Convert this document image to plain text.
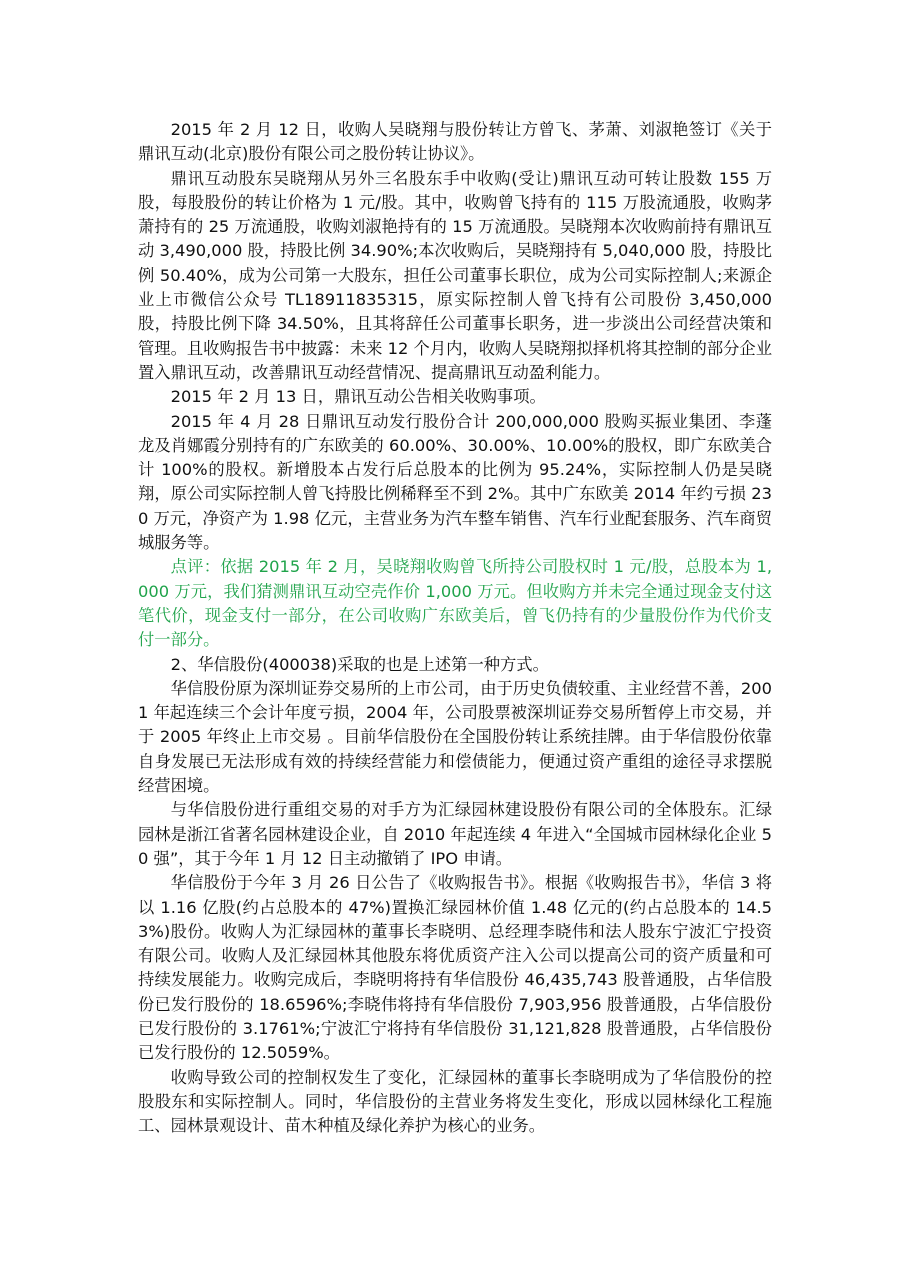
2015 年 2 月 12 日，收购人吴晓翔与股份转让方曾飞、茅萧、刘淑艳签订《关于鼎讯互动(北京)股份有限公司之股份转让协议》。

鼎讯互动股东吴晓翔从另外三名股东手中收购(受让)鼎讯互动可转让股数 155 万股，每股股份的转让价格为 1 元/股。其中，收购曾飞持有的 115 万股流通股，收购茅萧持有的 25 万流通股，收购刘淑艳持有的 15 万流通股。吴晓翔本次收购前持有鼎讯互动 3,490,000 股，持股比例 34.90%;本次收购后，吴晓翔持有 5,040,000 股，持股比例 50.40%，成为公司第一大股东，担任公司董事长职位，成为公司实际控制人;来源企业上市微信公众号 TL18911835315，原实际控制人曾飞持有公司股份 3,450,000 股，持股比例下降 34.50%，且其将辞任公司董事长职务，进一步淡出公司经营决策和管理。且收购报告书中披露：未来 12 个月内，收购人吴晓翔拟择机将其控制的部分企业置入鼎讯互动，改善鼎讯互动经营情况、提高鼎讯互动盈利能力。

2015 年 2 月 13 日，鼎讯互动公告相关收购事项。

2015 年 4 月 28 日鼎讯互动发行股份合计 200,000,000 股购买振业集团、李蓬龙及肖娜霞分别持有的广东欧美的 60.00%、30.00%、10.00%的股权，即广东欧美合计 100%的股权。新增股本占发行后总股本的比例为 95.24%，实际控制人仍是吴晓翔，原公司实际控制人曾飞持股比例稀释至不到 2%。其中广东欧美 2014 年约亏损 230 万元，净资产为 1.98 亿元，主营业务为汽车整车销售、汽车行业配套服务、汽车商贸城服务等。

点评：依据 2015 年 2 月，吴晓翔收购曾飞所持公司股权时 1 元/股，总股本为 1,000 万元，我们猜测鼎讯互动空壳作价 1,000 万元。但收购方并未完全通过现金支付这笔代价，现金支付一部分，在公司收购广东欧美后，曾飞仍持有的少量股份作为代价支付一部分。

2、华信股份(400038)采取的也是上述第一种方式。

华信股份原为深圳证券交易所的上市公司，由于历史负债较重、主业经营不善，2001 年起连续三个会计年度亏损，2004 年，公司股票被深圳证券交易所暂停上市交易，并于 2005 年终止上市交易 。目前华信股份在全国股份转让系统挂牌。由于华信股份依靠自身发展已无法形成有效的持续经营能力和偿债能力，便通过资产重组的途径寻求摆脱经营困境。

与华信股份进行重组交易的对手方为汇绿园林建设股份有限公司的全体股东。汇绿园林是浙江省著名园林建设企业，自 2010 年起连续 4 年进入“全国城市园林绿化企业 50 强”，其于今年 1 月 12 日主动撤销了 IPO 申请。

华信股份于今年 3 月 26 日公告了《收购报告书》。根据《收购报告书》，华信 3 将以 1.16 亿股(约占总股本的 47%)置换汇绿园林价值 1.48 亿元的(约占总股本的 14.53%)股份。收购人为汇绿园林的董事长李晓明、总经理李晓伟和法人股东宁波汇宁投资有限公司。收购人及汇绿园林其他股东将优质资产注入公司以提高公司的资产质量和可持续发展能力。收购完成后，李晓明将持有华信股份 46,435,743 股普通股，占华信股份已发行股份的 18.6596%;李晓伟将持有华信股份 7,903,956 股普通股，占华信股份已发行股份的 3.1761%;宁波汇宁将持有华信股份 31,121,828 股普通股，占华信股份已发行股份的 12.5059%。

收购导致公司的控制权发生了变化，汇绿园林的董事长李晓明成为了华信股份的控股股东和实际控制人。同时，华信股份的主营业务将发生变化，形成以园林绿化工程施工、园林景观设计、苗木种植及绿化养护为核心的业务。
